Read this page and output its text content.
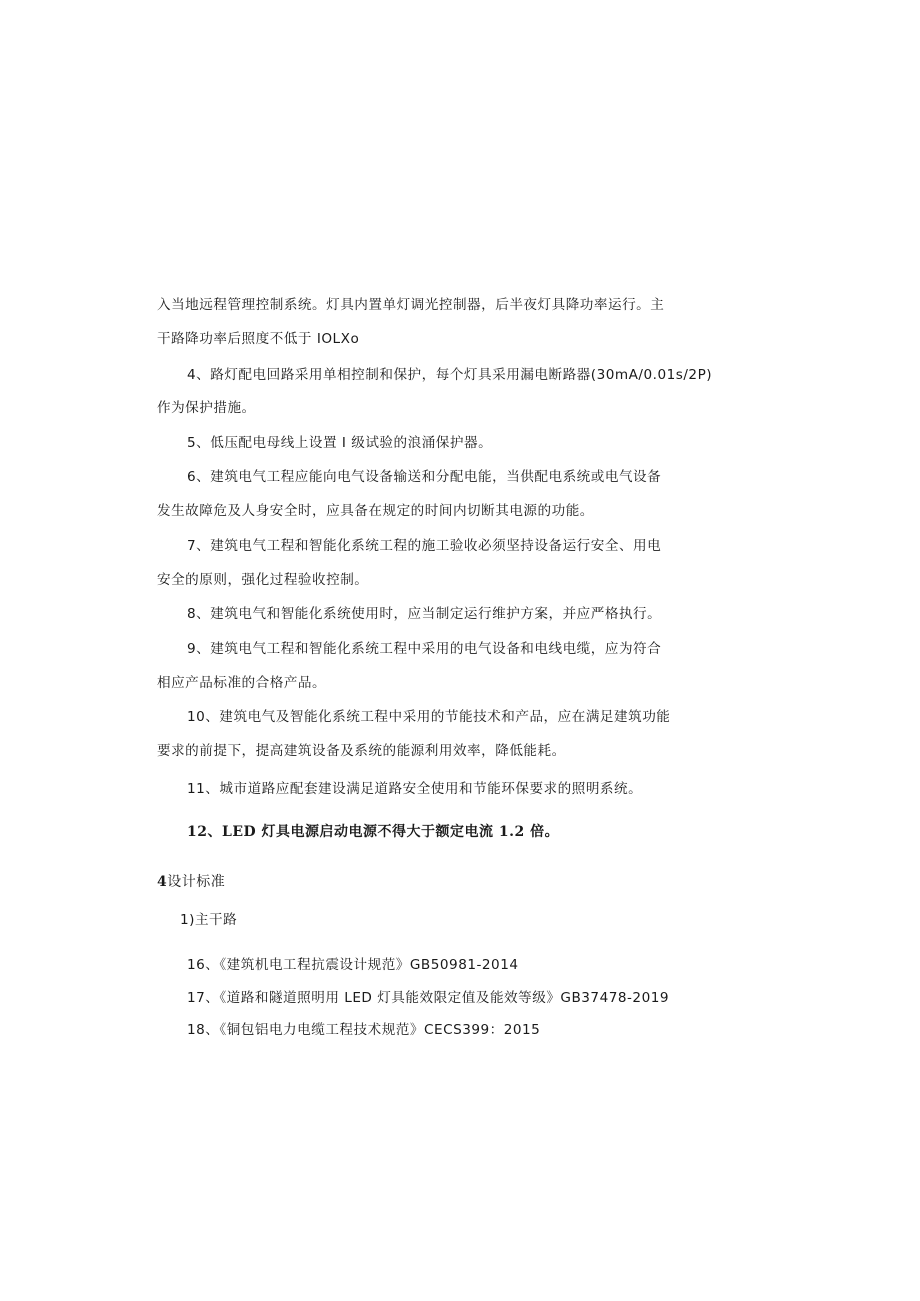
入当地远程管理控制系统。灯具内置单灯调光控制器，后半夜灯具降功率运行。主
干路降功率后照度不低于 IOLXo
4、路灯配电回路采用单相控制和保护，每个灯具采用漏电断路器(30mA/0.01s/2P)
作为保护措施。
5、低压配电母线上设置 I 级试验的浪涌保护器。
6、建筑电气工程应能向电气设备输送和分配电能，当供配电系统或电气设备
发生故障危及人身安全时，应具备在规定的时间内切断其电源的功能。
7、建筑电气工程和智能化系统工程的施工验收必须坚持设备运行安全、用电
安全的原则，强化过程验收控制。
8、建筑电气和智能化系统使用时，应当制定运行维护方案，并应严格执行。
9、建筑电气工程和智能化系统工程中采用的电气设备和电线电缆，应为符合
相应产品标准的合格产品。
10、建筑电气及智能化系统工程中采用的节能技术和产品，应在满足建筑功能
要求的前提下，提高建筑设备及系统的能源利用效率，降低能耗。
11、城市道路应配套建设满足道路安全使用和节能环保要求的照明系统。
12、LED 灯具电源启动电源不得大于额定电流 1.2 倍。
4设计标准
1)主干路
16、《建筑机电工程抗震设计规范》GB50981-2014
17、《道路和隧道照明用 LED 灯具能效限定值及能效等级》GB37478-2019
18、《铜包铝电力电缆工程技术规范》CECS399：2015
